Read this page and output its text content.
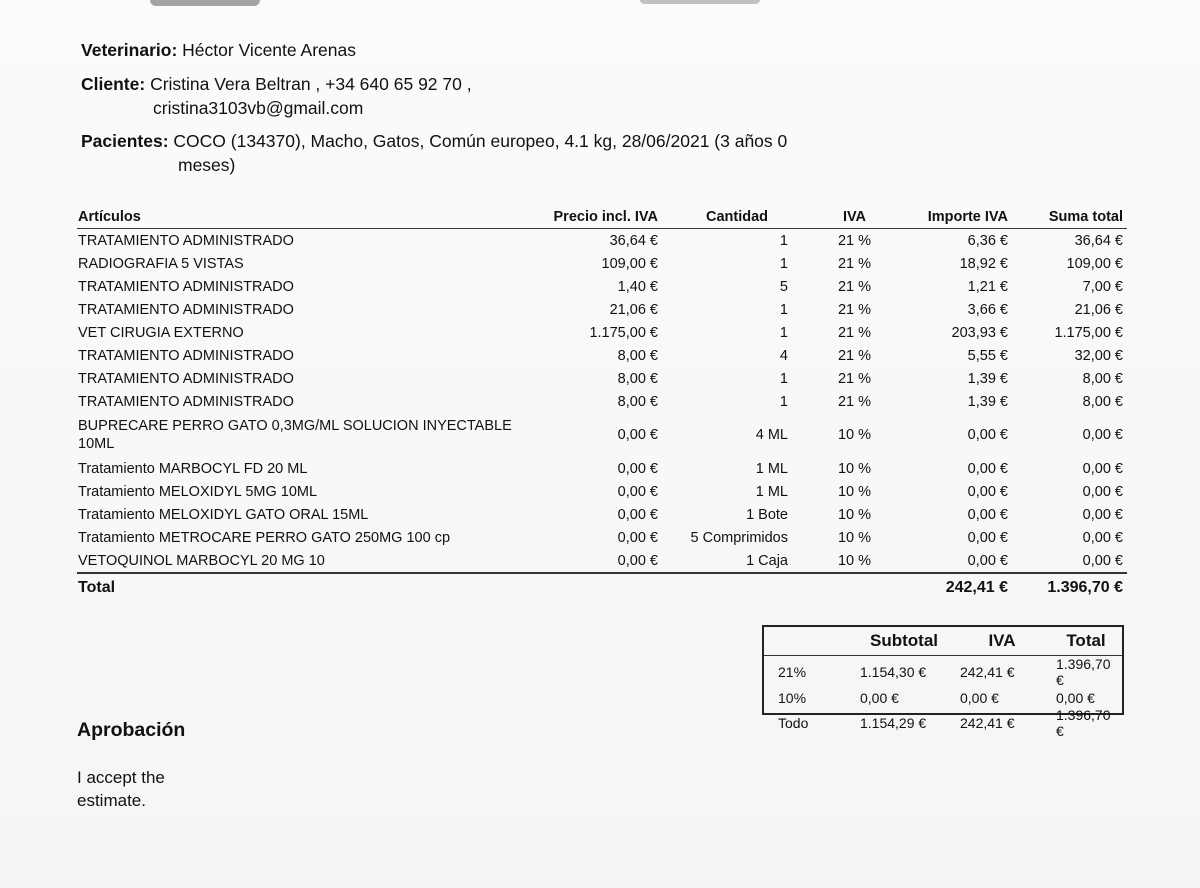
Veterinario: Héctor Vicente Arenas
Cliente: Cristina Vera Beltran , +34 640 65 92 70 ,
cristina3103vb@gmail.com
Pacientes: COCO (134370), Macho, Gatos, Común europeo, 4.1 kg, 28/06/2021 (3 años 0
meses)
Artículos	Precio incl. IVA	Cantidad	IVA	Importe IVA	Suma total
TRATAMIENTO ADMINISTRADO	36,64 €	1	21 %	6,36 €	36,64 €
RADIOGRAFIA 5 VISTAS	109,00 €	1	21 %	18,92 €	109,00 €
TRATAMIENTO ADMINISTRADO	1,40 €	5	21 %	1,21 €	7,00 €
TRATAMIENTO ADMINISTRADO	21,06 €	1	21 %	3,66 €	21,06 €
VET CIRUGIA EXTERNO	1.175,00 €	1	21 %	203,93 €	1.175,00 €
TRATAMIENTO ADMINISTRADO	8,00 €	4	21 %	5,55 €	32,00 €
TRATAMIENTO ADMINISTRADO	8,00 €	1	21 %	1,39 €	8,00 €
TRATAMIENTO ADMINISTRADO	8,00 €	1	21 %	1,39 €	8,00 €
BUPRECARE PERRO GATO 0,3MG/ML SOLUCION INYECTABLE 10ML	0,00 €	4 ML	10 %	0,00 €	0,00 €
Tratamiento MARBOCYL FD 20 ML	0,00 €	1 ML	10 %	0,00 €	0,00 €
Tratamiento MELOXIDYL 5MG 10ML	0,00 €	1 ML	10 %	0,00 €	0,00 €
Tratamiento MELOXIDYL GATO ORAL 15ML	0,00 €	1 Bote	10 %	0,00 €	0,00 €
Tratamiento METROCARE PERRO GATO 250MG 100 cp	0,00 €	5 Comprimidos	10 %	0,00 €	0,00 €
VETOQUINOL MARBOCYL 20 MG 10	0,00 €	1 Caja	10 %	0,00 €	0,00 €
Total				242,41 €	1.396,70 €
	Subtotal	IVA	Total
21%	1.154,30 €	242,41 €	1.396,70 €
10%	0,00 €	0,00 €	0,00 €
Todo	1.154,29 €	242,41 €	1.396,70 €
Aprobación
I accept the estimate.
